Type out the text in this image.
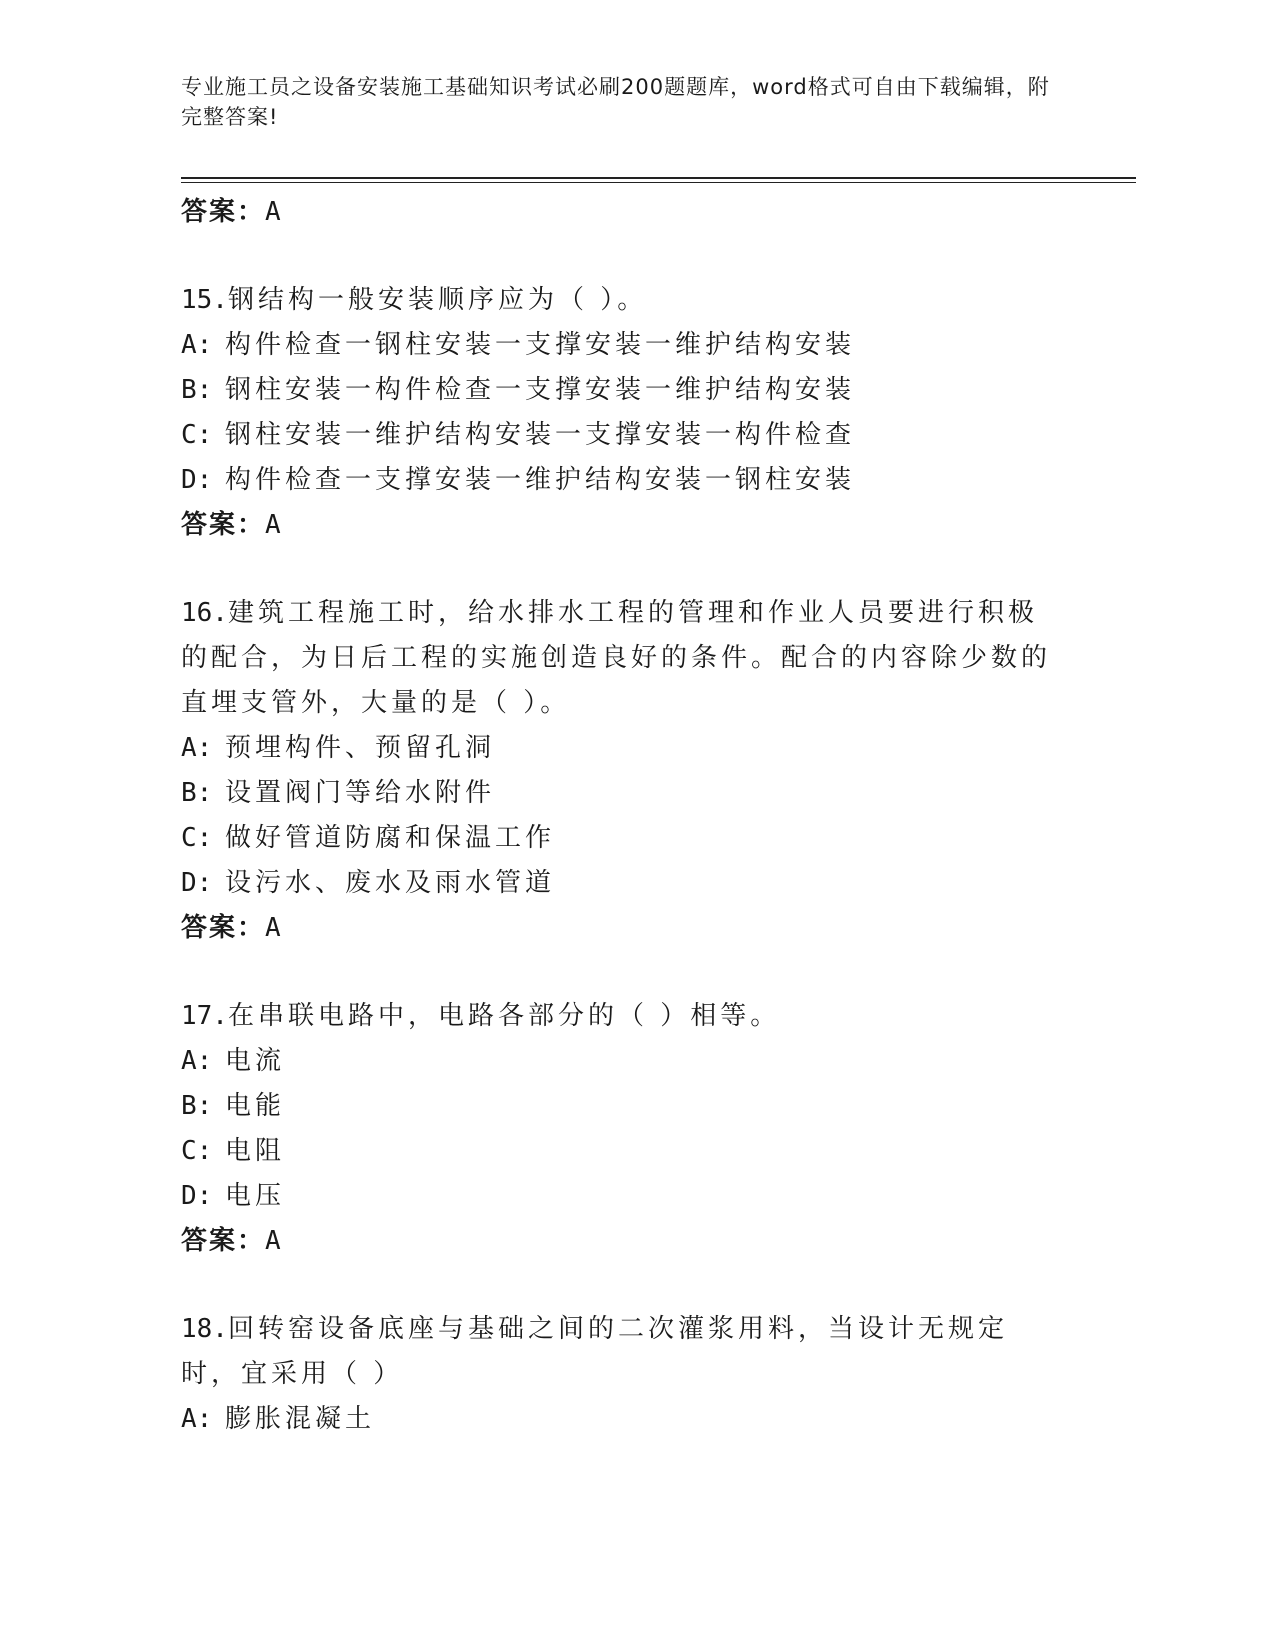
专业施工员之设备安装施工基础知识考试必刷200题题库，word格式可自由下载编辑，附完整答案!
答案：A
15.钢结构一般安装顺序应为（ ）。
A: 构件检查一钢柱安装一支撑安装一维护结构安装
B: 钢柱安装一构件检查一支撑安装一维护结构安装
C: 钢柱安装一维护结构安装一支撑安装一构件检查
D: 构件检查一支撑安装一维护结构安装一钢柱安装
答案：A
16.建筑工程施工时，给水排水工程的管理和作业人员要进行积极的配合，为日后工程的实施创造良好的条件。配合的内容除少数的直埋支管外，大量的是（ ）。
A: 预埋构件、预留孔洞
B: 设置阀门等给水附件
C: 做好管道防腐和保温工作
D: 设污水、废水及雨水管道
答案：A
17.在串联电路中，电路各部分的（ ）相等。
A: 电流
B: 电能
C: 电阻
D: 电压
答案：A
18.回转窑设备底座与基础之间的二次灌浆用料，当设计无规定时，宜采用（ ）
A: 膨胀混凝土
